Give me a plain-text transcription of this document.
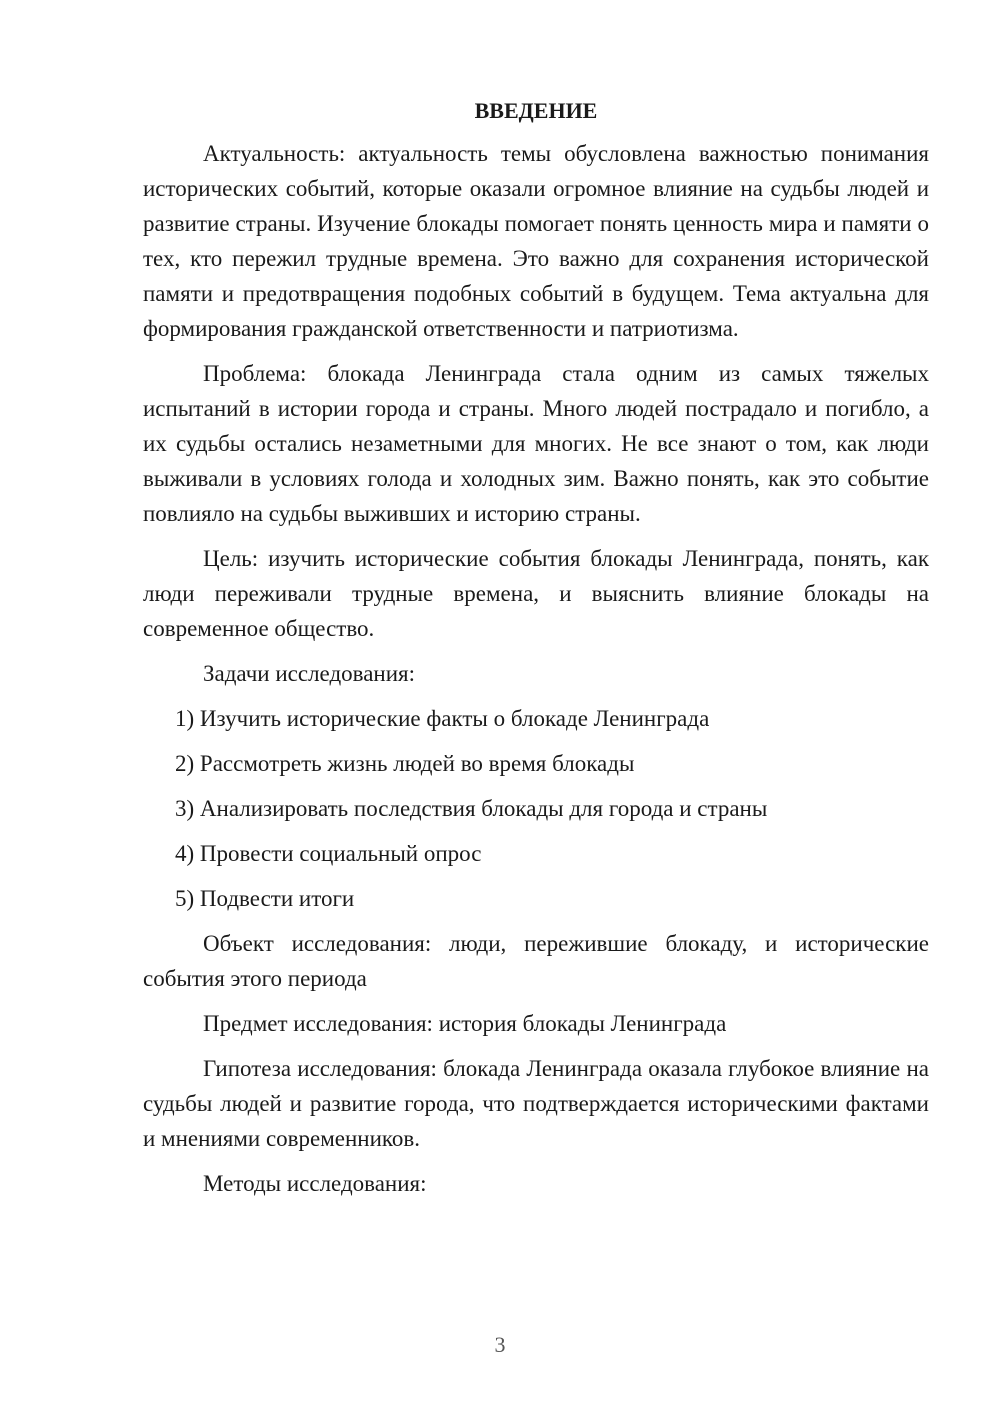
ВВЕДЕНИЕ

Актуальность: актуальность темы обусловлена важностью понимания исторических событий, которые оказали огромное влияние на судьбы людей и развитие страны. Изучение блокады помогает понять ценность мира и памяти о тех, кто пережил трудные времена. Это важно для сохранения исторической памяти и предотвращения подобных событий в будущем. Тема актуальна для формирования гражданской ответственности и патриотизма.

Проблема: блокада Ленинграда стала одним из самых тяжелых испытаний в истории города и страны. Много людей пострадало и погибло, а их судьбы остались незаметными для многих. Не все знают о том, как люди выживали в условиях голода и холодных зим. Важно понять, как это событие повлияло на судьбы выживших и историю страны.

Цель: изучить исторические события блокады Ленинграда, понять, как люди переживали трудные времена, и выяснить влияние блокады на современное общество.

Задачи исследования:

1) Изучить исторические факты о блокаде Ленинграда
2) Рассмотреть жизнь людей во время блокады
3) Анализировать последствия блокады для города и страны
4) Провести социальный опрос
5) Подвести итоги

Объект исследования: люди, пережившие блокаду, и исторические события этого периода

Предмет исследования: история блокады Ленинграда

Гипотеза исследования: блокада Ленинграда оказала глубокое влияние на судьбы людей и развитие города, что подтверждается историческими фактами и мнениями современников.

Методы исследования:

3
